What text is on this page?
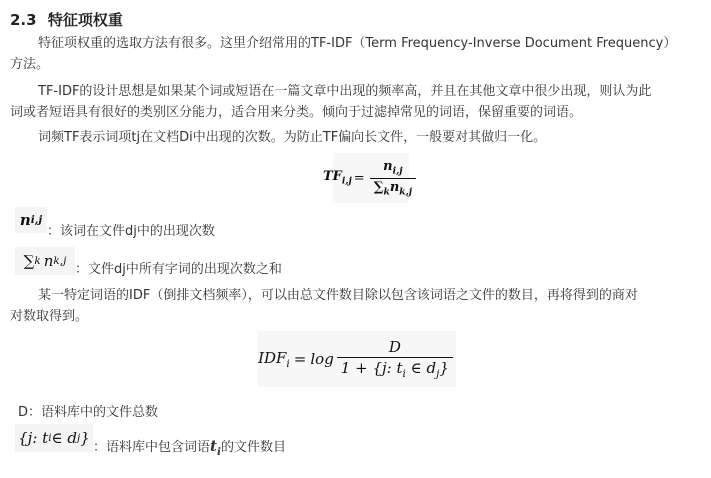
2.3 特征项权重
特征项权重的选取方法有很多。这里介绍常用的TF-IDF（Term Frequency-Inverse Document Frequency）
方法。
TF-IDF的设计思想是如果某个词或短语在一篇文章中出现的频率高，并且在其他文章中很少出现，则认为此
词或者短语具有很好的类别区分能力，适合用来分类。倾向于过滤掉常见的词语，保留重要的词语。
词频TF表示词项tj在文档Di中出现的次数。为防止TF偏向长文件，一般要对其做归一化。
$TF_{i,j} = \frac{n_{i,j}}{\sum_kn_{k,j}}$
n i,j
：该词在文件dj中的出现次数
∑ k n k,j
：文件dj中所有字词的出现次数之和
某一特定词语的IDF（倒排文档频率），可以由总文件数目除以包含该词语之文件的数目，再将得到的商对
对数取得到。
$IDF_i = \log \frac{D}{1 + \{j: t_i \in d_j\}}$
D：语料库中的文件总数
{j: t i ∈ d j }
：语料库中包含词语$t_i$的文件数目
